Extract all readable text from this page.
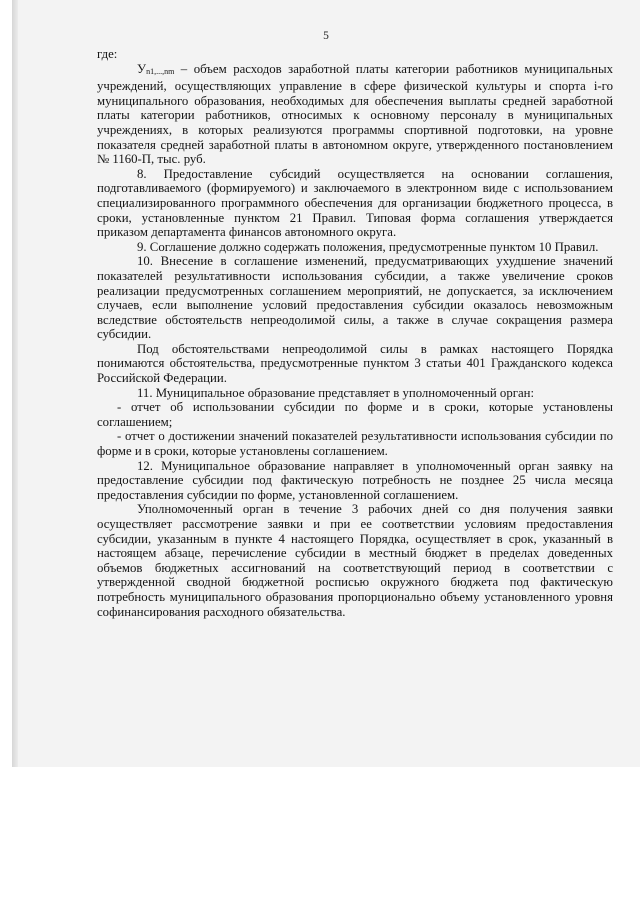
5

где:

Уn1,...,nm – объем расходов заработной платы категории работников муниципальных учреждений, осуществляющих управление в сфере физической культуры и спорта i-го муниципального образования, необходимых для обеспечения выплаты средней заработной платы категории работников, относимых к основному персоналу в муниципальных учреждениях, в которых реализуются программы спортивной подготовки, на уровне показателя средней заработной платы в автономном округе, утвержденного постановлением № 1160-П, тыс. руб.

8. Предоставление субсидий осуществляется на основании соглашения, подготавливаемого (формируемого) и заключаемого в электронном виде с использованием специализированного программного обеспечения для организации бюджетного процесса, в сроки, установленные пунктом 21 Правил. Типовая форма соглашения утверждается приказом департамента финансов автономного округа.

9. Соглашение должно содержать положения, предусмотренные пунктом 10 Правил.

10. Внесение в соглашение изменений, предусматривающих ухудшение значений показателей результативности использования субсидии, а также увеличение сроков реализации предусмотренных соглашением мероприятий, не допускается, за исключением случаев, если выполнение условий предоставления субсидии оказалось невозможным вследствие обстоятельств непреодолимой силы, а также в случае сокращения размера субсидии.

Под обстоятельствами непреодолимой силы в рамках настоящего Порядка понимаются обстоятельства, предусмотренные пунктом 3 статьи 401 Гражданского кодекса Российской Федерации.

11. Муниципальное образование представляет в уполномоченный орган:

- отчет об использовании субсидии по форме и в сроки, которые установлены соглашением;

- отчет о достижении значений показателей результативности использования субсидии по форме и в сроки, которые установлены соглашением.

12. Муниципальное образование направляет в уполномоченный орган заявку на предоставление субсидии под фактическую потребность не позднее 25 числа месяца предоставления субсидии по форме, установленной соглашением.

Уполномоченный орган в течение 3 рабочих дней со дня получения заявки осуществляет рассмотрение заявки и при ее соответствии условиям предоставления субсидии, указанным в пункте 4 настоящего Порядка, осуществляет в срок, указанный в настоящем абзаце, перечисление субсидии в местный бюджет в пределах доведенных объемов бюджетных ассигнований на соответствующий период в соответствии с утвержденной сводной бюджетной росписью окружного бюджета под фактическую потребность муниципального образования пропорционально объему установленного уровня софинансирования расходного обязательства.
